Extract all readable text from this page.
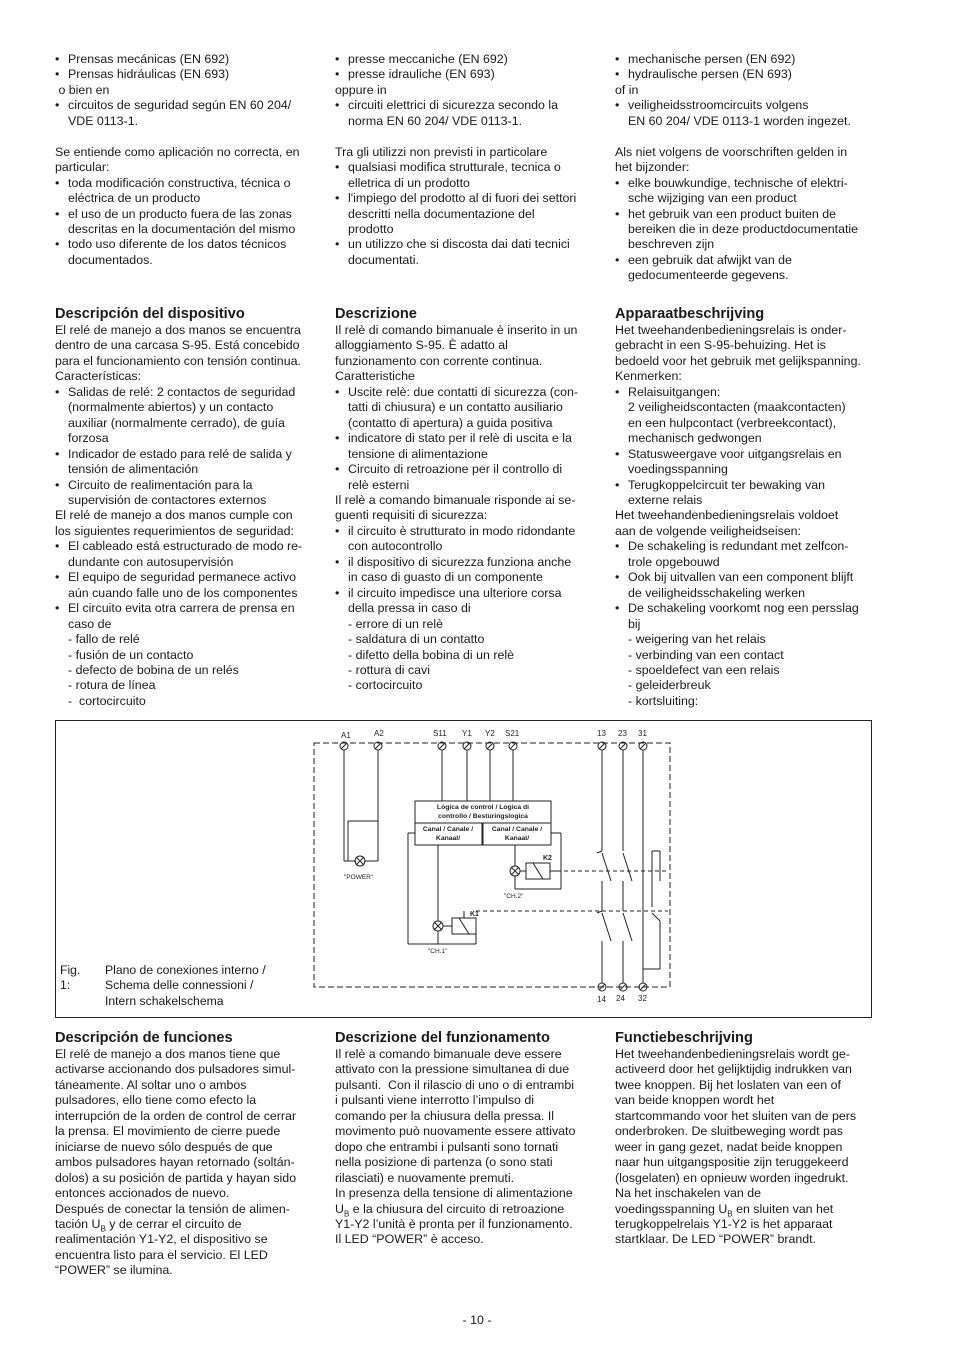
• Prensas mecánicas (EN 692)
• Prensas hidráulicas (EN 693)

o bien en

• circuitos de seguridad según EN 60 204/
VDE 0113-1.

Se entiende como aplicación no correcta, en
particular:

• toda modificación constructiva, técnica o
eléctrica de un producto
• el uso de un producto fuera de las zonas
descritas en la documentación del mismo
• todo uso diferente de los datos técnicos
documentados.
Descripción del dispositivo

El relé de manejo a dos manos se encuentra
dentro de una carcasa S-95. Está concebido
para el funcionamiento con tensión continua.
Características:

• Salidas de relé: 2 contactos de seguridad
(normalmente abiertos) y un contacto
auxiliar (normalmente cerrado), de guía
forzosa
• Indicador de estado para relé de salida y
tensión de alimentación
• Circuito de realimentación para la
supervisión de contactores externos

El relé de manejo a dos manos cumple con
los siguientes requerimientos de seguridad:

• El cableado está estructurado de modo re-
dundante con autosupervisión
• El equipo de seguridad permanece activo
aún cuando falle uno de los componentes
• El circuito evita otra carrera de prensa en
caso de

- fallo de relé

- fusión de un contacto

- defecto de bobina de un relés

- rotura de línea

-  cortocircuito

Descripción de funciones

El relé de manejo a dos manos tiene que
activarse accionando dos pulsadores simul-
táneamente. Al soltar uno o ambos
pulsadores, ello tiene como efecto la
interrupción de la orden de control de cerrar
la prensa. El movimiento de cierre puede
iniciarse de nuevo sólo después de que
ambos pulsadores hayan retornado (soltán-
dolos) a su posición de partida y hayan sido
entonces accionados de nuevo.

Después de conectar la tensión de alimen-
tación $U_B$ y de cerrar el circuito de
realimentación Y1-Y2, el dispositivo se
encuentra listo para el servicio. El LED
“POWER” se ilumina.

• presse meccaniche (EN 692)
• presse idrauliche (EN 693)

oppure in

• circuiti elettrici di sicurezza secondo la
norma EN 60 204/ VDE 0113-1.

Tra gli utilizzi non previsti in particolare

• qualsiasi modifica strutturale, tecnica o
elletrica di un prodotto
• l'impiego del prodotto al di fuori dei settori
descritti nella documentazione del
prodotto
• un utilizzo che si discosta dai dati tecnici
documentati.
Descrizione

Il relè di comando bimanuale è inserito in un
alloggiamento S-95. È adatto al
funzionamento con corrente continua.
Caratteristiche

• Uscite relè: due contatti di sicurezza (con-
tatti di chiusura) e un contatto ausiliario
(contatto di apertura) a guida positiva
• indicatore di stato per il relè di uscita e la
tensione di alimentazione
• Circuito di retroazione per il controllo di
relè esterni

Il relè a comando bimanuale risponde ai se-
guenti requisiti di sicurezza:

• il circuito è strutturato in modo ridondante
con autocontrollo
• il dispositivo di sicurezza funziona anche
in caso di guasto di un componente
• il circuito impedisce una ulteriore corsa
della pressa in caso di

- errore di un relè

- saldatura di un contatto

- difetto della bobina di un relè

- rottura di cavi

- cortocircuito

Descrizione del funzionamento

Il relè a comando bimanuale deve essere
attivato con la pressione simultanea di due
pulsanti.  Con il rilascio di uno o di entrambi
i pulsanti viene interrotto l’impulso di
comando per la chiusura della pressa. Il
movimento può nuovamente essere attivato
dopo che entrambi i pulsanti sono tornati
nella posizione di partenza (o sono stati
rilasciati) e nuovamente premuti.
In presenza della tensione di alimentazione

$U_B$ e la chiusura del circuito di retroazione
Y1-Y2 l’unità è pronta per il funzionamento.
Il LED “POWER” è acceso.

• mechanische persen (EN 692)
• hydraulische persen (EN 693)

of in

• veiligheidsstroomcircuits volgens
EN 60 204/ VDE 0113-1 worden ingezet.

Als niet volgens de voorschriften gelden in
het bijzonder:

• elke bouwkundige, technische of elektri-
sche wijziging van een product
• het gebruik van een product buiten de
bereiken die in deze productdocumentatie
beschreven zijn
• een gebruik dat afwijkt van de
gedocumenteerde gegevens.
Apparaatbeschrijving

Het tweehandenbedieningsrelais is onder-
gebracht in een S-95-behuizing. Het is
bedoeld voor het gebruik met gelijkspanning.
Kenmerken:

• Relaisuitgangen:
2 veiligheidscontacten (maakcontacten)
en een hulpcontact (verbreekcontact),
mechanisch gedwongen
• Statusweergave voor uitgangsrelais en
voedingsspanning
• Terugkoppelcircuit ter bewaking van
externe relais

Het tweehandenbedieningsrelais voldoet
aan de volgende veiligheidseisen:

• De schakeling is redundant met zelfcon-
trole opgebouwd
• Ook bij uitvallen van een component blijft
de veiligheidsschakeling werken
• De schakeling voorkomt nog een persslag
bij

- weigering van het relais

- verbinding van een contact

- spoeldefect van een relais

- geleiderbreuk

- kortsluiting:

Functiebeschrijving

Het tweehandenbedieningsrelais wordt ge-
activeerd door het gelijktijdig indrukken van
twee knoppen. Bij het loslaten van een of
van beide knoppen wordt het
startcommando voor het sluiten van de pers
onderbroken. De sluitbeweging wordt pas
weer in gang gezet, nadat beide knoppen
naar hun uitgangspositie zijn teruggekeerd
(losgelaten) en opnieuw worden ingedrukt.
Na het inschakelen van de

voedingsspanning $U_B$ en sluiten van het
terugkoppelrelais Y1-Y2 is het apparaat
startklaar. De LED “POWER” brandt.

Fig. 1:
Plano de conexiones interno /
Schema delle connessioni /
Intern schakelschema
A1	A2	S11 Y1 Y2 S21	13 23 31
14 24 32
"POWER"
Lógica de control / Logica di
controllo / Besturingslogica
Canal / Canale /
Kanaal/
Canal / Canale /
Kanaal/
K1
"CH.1"
K2
"CH.2"
- 10 -
